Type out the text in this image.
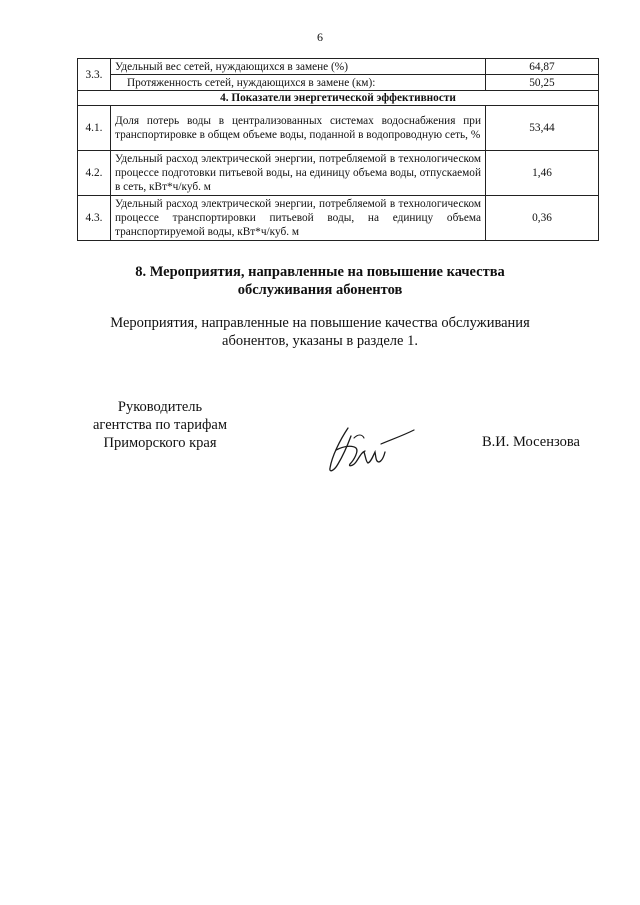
6
3.3.	Удельный вес сетей, нуждающихся в замене (%)	64,87
	Протяженность сетей, нуждающихся в замене (км):	50,25
4. Показатели энергетической эффективности		
4.1.	Доля потерь воды в централизованных системах водоснабжения при транспортировке в общем объеме воды, поданной в водопроводную сеть, %	53,44
4.2.	Удельный расход электрической энергии, потребляемой в технологическом процессе подготовки питьевой воды, на единицу объема воды, отпускаемой в сеть, кВт*ч/куб. м	1,46
4.3.	Удельный расход электрической энергии, потребляемой в технологическом процессе транспортировки питьевой воды, на единицу объема транспортируемой воды, кВт*ч/куб. м	0,36
8. Мероприятия, направленные на повышение качества
обслуживания абонентов
Мероприятия, направленные на повышение качества обслуживания
абонентов, указаны в разделе 1.
Руководитель
агентства по тарифам
Приморского края	В.И. Мосензова
